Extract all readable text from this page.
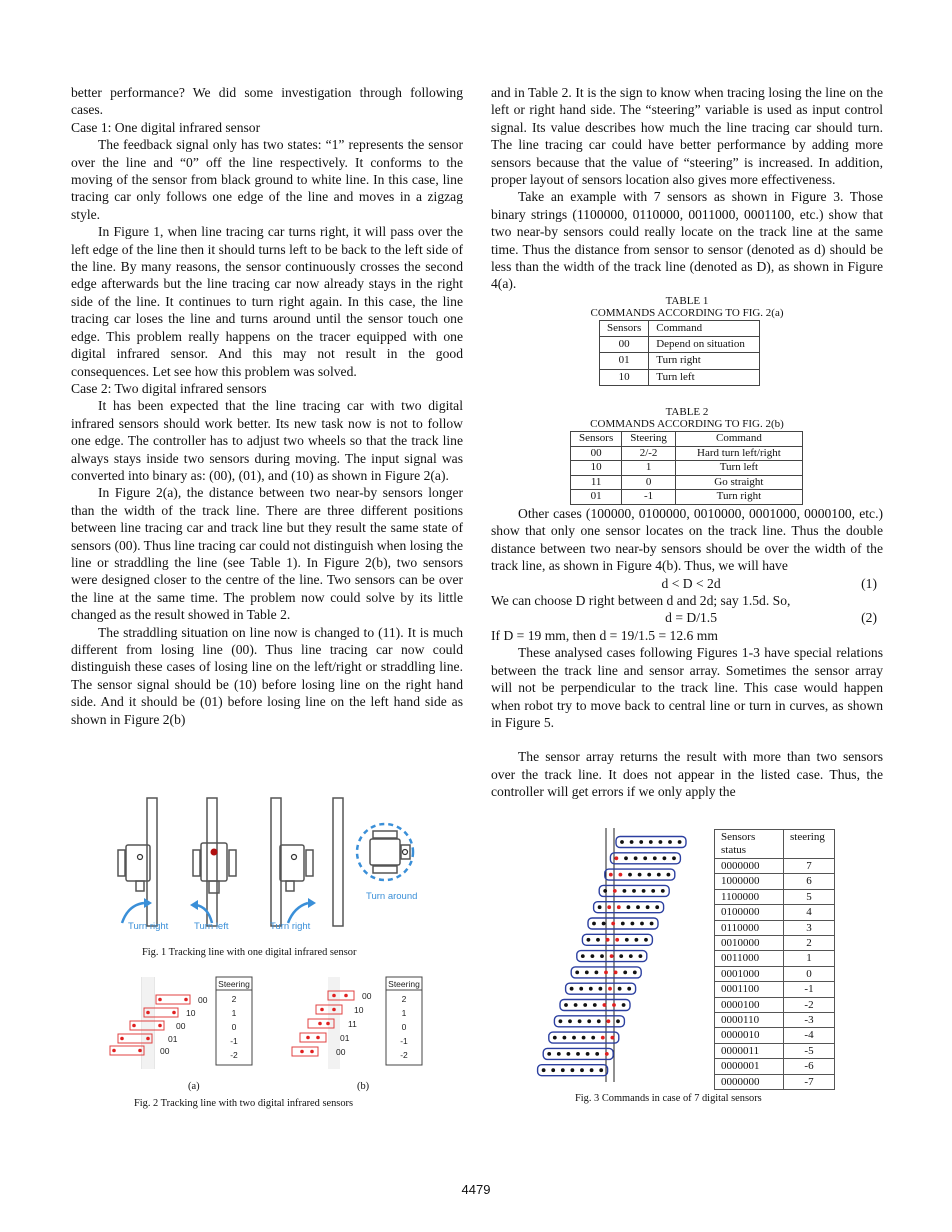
better performance? We did some investigation through following cases.

Case 1: One digital infrared sensor

The feedback signal only has two states: “1” represents the sensor over the line and “0” off the line respectively. It conforms to the moving of the sensor from black ground to white line. In this case, line tracing car only follows one edge of the line and moves in a zigzag style.

In Figure 1, when line tracing car turns right, it will pass over the left edge of the line then it should turns left to be back to the left side of the line. By many reasons, the sensor continuously crosses the second edge afterwards but the line tracing car now already stays in the right side of the line. It continues to turn right again. In this case, the line tracing car loses the line and turns around until the sensor touch one edge. This problem really happens on the tracer equipped with one digital infrared sensor. And this may not result in the good consequences. Let see how this problem was solved.

Case 2: Two digital infrared sensors

It has been expected that the line tracing car with two digital infrared sensors should work better. Its new task now is not to follow one edge. The controller has to adjust two wheels so that the track line always stays inside two sensors during moving. The input signal was converted into binary as: (00), (01), and (10) as shown in Figure 2(a).

In Figure 2(a), the distance between two near-by sensors longer than the width of the track line. There are three different positions between line tracing car and track line but they result the same state of sensors (00). Thus line tracing car could not distinguish when losing the line or straddling the line (see Table 1). In Figure 2(b), two sensors were designed closer to the centre of the line. Two sensors can be over the line at the same time. The problem now could solve by its little changed as the result showed in Table 2.

The straddling situation on line now is changed to (11). It is much different from losing line (00). Thus line tracing car now could distinguish these cases of losing line on the left/right or straddling line. The sensor signal should be (10) before losing line on the right hand side. And it should be (01) before losing line on the left hand side as shown in Figure 2(b)

Turn right	Turn left	Turn right
Turn around
Fig. 1 Tracking line with one digital infrared sensor
00
10
00
01
00
Steering
2
1
0
-1
-2
00
10
11
01
00
Steering
2
1
0
-1
-2
(a)	(b)
Fig. 2 Tracking line with two digital infrared sensors

and in Table 2. It is the sign to know when tracing losing the line on the left or right hand side. The “steering” variable is used as input control signal. Its value describes how much the line tracing car should turn. The line tracing car could have better performance by adding more sensors because that the value of “steering” is increased. In addition, proper layout of sensors location also gives more effectiveness.

Take an example with 7 sensors as shown in Figure 3. Those binary strings (1100000, 0110000, 0011000, 0001100, etc.) show that two near-by sensors could really locate on the track line at the same time. Thus the distance from sensor to sensor (denoted as d) should be less than the width of the track line (denoted as D), as shown in Figure 4(a).

TABLE 1
COMMANDS ACCORDING TO FIG. 2(a)
Sensors	Command
00	Depend on situation
01	Turn right
10	Turn left
TABLE 2
COMMANDS ACCORDING TO FIG. 2(b)
Sensors	Steering	Command
00	2/-2	Hard turn left/right
10	1	Turn left
11	0	Go straight
01	-1	Turn right

Other cases (100000, 0100000, 0010000, 0001000, 0000100, etc.) show that only one sensor locates on the track line. Thus the double distance between two near-by sensors should be over the width of the track line, as shown in Figure 4(b). Thus, we will have

d < D < 2d	(1)

We can choose D right between d and 2d; say 1.5d. So,

d = D/1.5	(2)

If D = 19 mm, then d = 19/1.5 = 12.6 mm

These analysed cases following Figures 1-3 have special relations between the track line and sensor array. Sometimes the sensor array will not be perpendicular to the track line. This case would happen when robot try to move back to central line or turn in curves, as shown in Figure 5.

The sensor array returns the result with more than two sensors over the track line. It does not appear in the listed case. Thus, the controller will get errors if we only apply the

Sensors status	steering
0000000	7
1000000	6
1100000	5
0100000	4
0110000	3
0010000	2
0011000	1
0001000	0
0001100	-1
0000100	-2
0000110	-3
0000010	-4
0000011	-5
0000001	-6
0000000	-7
Fig. 3 Commands in case of 7 digital sensors
4479
